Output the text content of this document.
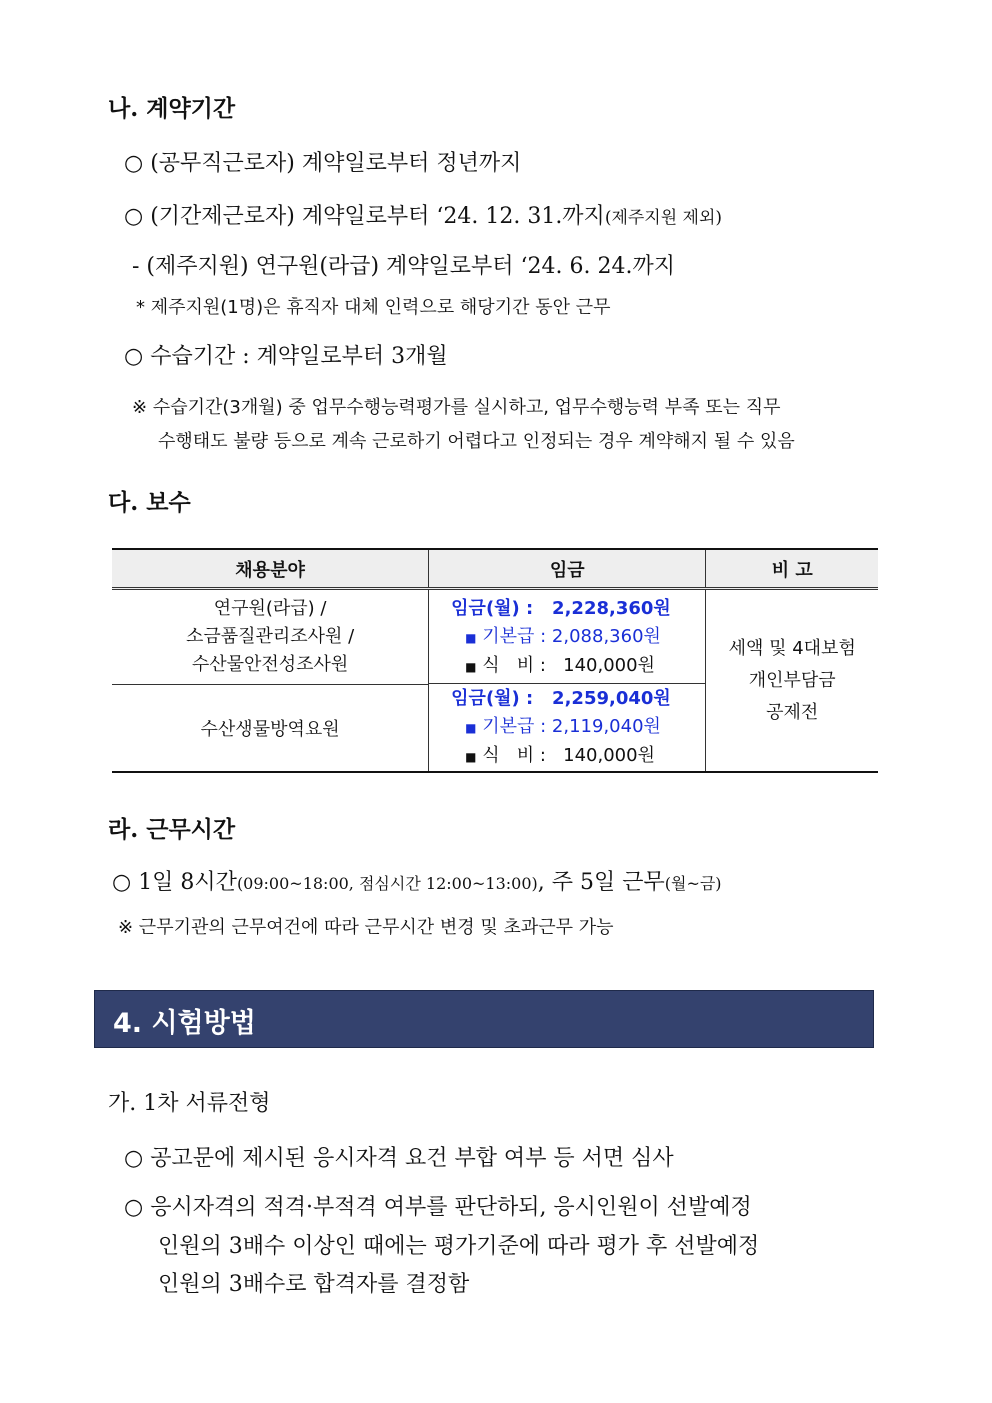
나. 계약기간
○ (공무직근로자) 계약일로부터 정년까지
○ (기간제근로자) 계약일로부터 ‘24. 12. 31.까지(제주지원 제외)
- (제주지원) 연구원(라급) 계약일로부터 ‘24. 6. 24.까지
* 제주지원(1명)은 휴직자 대체 인력으로 해당기간 동안 근무
○ 수습기간 : 계약일로부터 3개월
※ 수습기간(3개월) 중 업무수행능력평가를 실시하고, 업무수행능력 부족 또는 직무
수행태도 불량 등으로 계속 근로하기 어렵다고 인정되는 경우 계약해지 될 수 있음
다. 보수
채용분야	임금	비 고
연구원(라급) /
소금품질관리조사원 /
수산물안전성조사원
수산생물방역요원
임금(월) :   2,228,360원
■ 기본급 : 2,088,360원
■ 식   비 :   140,000원
임금(월) :   2,259,040원
■ 기본급 : 2,119,040원
■ 식   비 :   140,000원
세액 및 4대보험
개인부담금
공제전
라. 근무시간
○ 1일 8시간(09:00~18:00, 점심시간 12:00~13:00), 주 5일 근무(월~금)
※ 근무기관의 근무여건에 따라 근무시간 변경 및 초과근무 가능
4. 시험방법
가. 1차 서류전형
○ 공고문에 제시된 응시자격 요건 부합 여부 등 서면 심사
○ 응시자격의 적격·부적격 여부를 판단하되, 응시인원이 선발예정
인원의 3배수 이상인 때에는 평가기준에 따라 평가 후 선발예정
인원의 3배수로 합격자를 결정함
